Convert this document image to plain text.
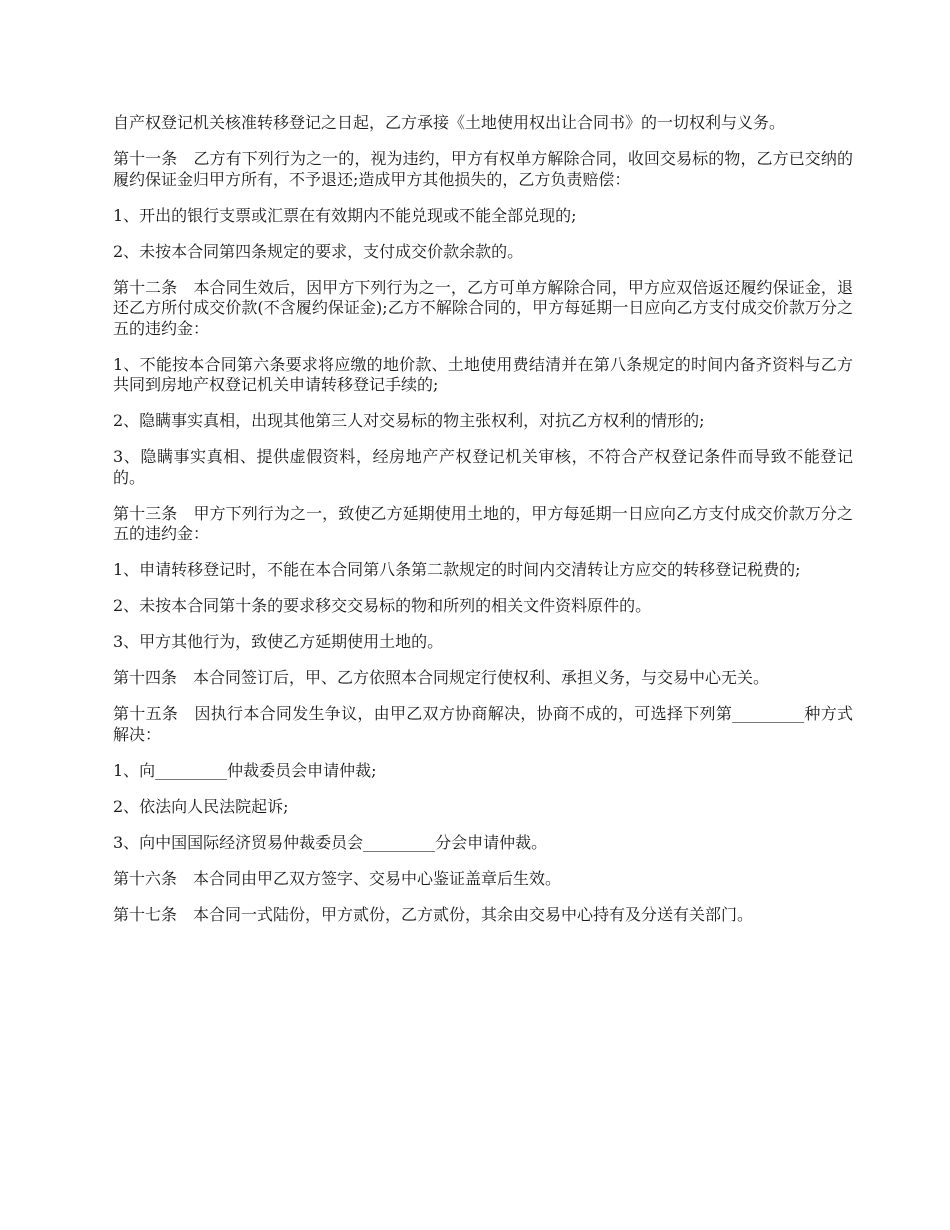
自产权登记机关核准转移登记之日起，乙方承接《土地使用权出让合同书》的一切权利与义务。

第十一条　乙方有下列行为之一的，视为违约，甲方有权单方解除合同，收回交易标的物，乙方已交纳的履约保证金归甲方所有，不予退还;造成甲方其他损失的，乙方负责赔偿：

1、开出的银行支票或汇票在有效期内不能兑现或不能全部兑现的;

2、未按本合同第四条规定的要求，支付成交价款余款的。

第十二条　本合同生效后，因甲方下列行为之一，乙方可单方解除合同，甲方应双倍返还履约保证金，退还乙方所付成交价款(不含履约保证金);乙方不解除合同的，甲方每延期一日应向乙方支付成交价款万分之五的违约金：

1、不能按本合同第六条要求将应缴的地价款、土地使用费结清并在第八条规定的时间内备齐资料与乙方共同到房地产权登记机关申请转移登记手续的;

2、隐瞒事实真相，出现其他第三人对交易标的物主张权利，对抗乙方权利的情形的;

3、隐瞒事实真相、提供虚假资料，经房地产产权登记机关审核，不符合产权登记条件而导致不能登记的。

第十三条　甲方下列行为之一，致使乙方延期使用土地的，甲方每延期一日应向乙方支付成交价款万分之五的违约金：

1、申请转移登记时，不能在本合同第八条第二款规定的时间内交清转让方应交的转移登记税费的;

2、未按本合同第十条的要求移交交易标的物和所列的相关文件资料原件的。

3、甲方其他行为，致使乙方延期使用土地的。

第十四条　本合同签订后，甲、乙方依照本合同规定行使权利、承担义务，与交易中心无关。

第十五条　因执行本合同发生争议，由甲乙双方协商解决，协商不成的，可选择下列第_________种方式解决：

1、向_________仲裁委员会申请仲裁;

2、依法向人民法院起诉;

3、向中国国际经济贸易仲裁委员会_________分会申请仲裁。

第十六条　本合同由甲乙双方签字、交易中心鉴证盖章后生效。

第十七条　本合同一式陆份，甲方贰份，乙方贰份，其余由交易中心持有及分送有关部门。
